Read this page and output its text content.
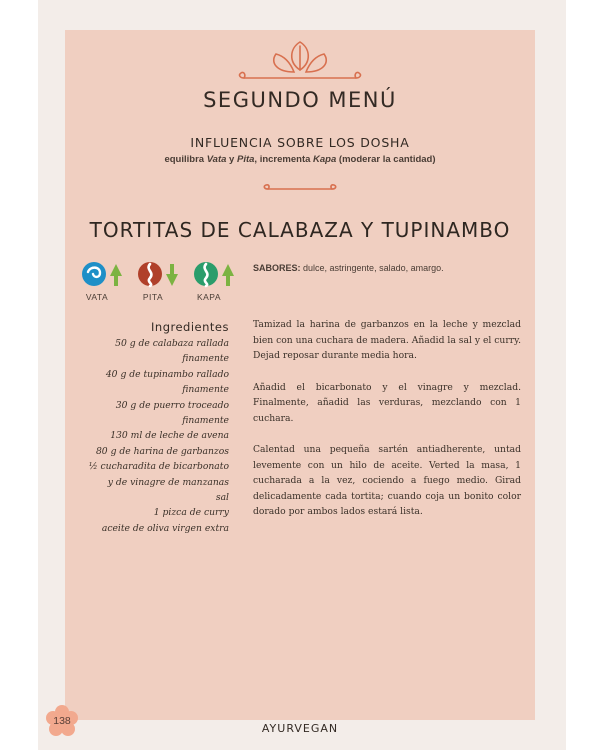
SEGUNDO MENÚ
INFLUENCIA SOBRE LOS DOSHA
equilibra Vata y Pita, incrementa Kapa (moderar la cantidad)
TORTITAS DE CALABAZA Y TUPINAMBO
VATA	PITA	KAPA
SABORES: dulce, astringente, salado, amargo.
Ingredientes
50 g de calabaza rallada
finamente
40 g de tupinambo rallado
finamente
30 g de puerro troceado finamente
130 ml de leche de avena
80 g de harina de garbanzos
½ cucharadita de bicarbonato
y de vinagre de manzanas
sal
1 pizca de curry
aceite de oliva virgen extra

Tamizad la harina de garbanzos en la leche y mezclad bien con una cuchara de madera. Añadid la sal y el curry. Dejad reposar durante media hora.

Añadid el bicarbonato y el vinagre y mezclad. Finalmente, añadid las verduras, mezclando con 1 cuchara.

Calentad una pequeña sartén antiadherente, untad levemente con un hilo de aceite. Verted la masa, 1 cucharada a la vez, cociendo a fuego medio. Girad delicadamente cada tortita; cuando coja un bonito color dorado por ambos lados estará lista.

138
AYURVEGAN
